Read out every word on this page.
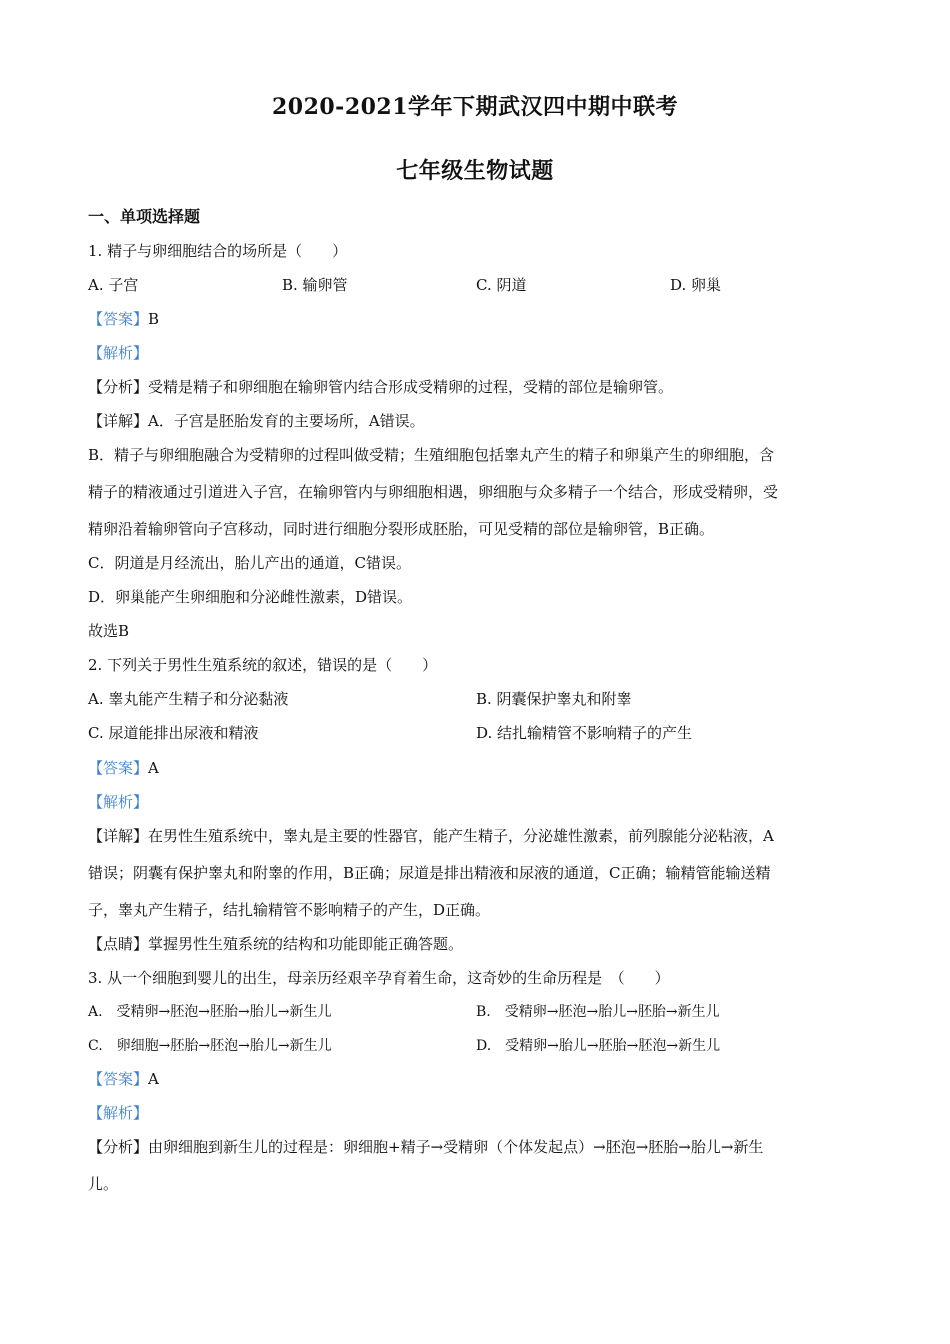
2020-2021学年下期武汉四中期中联考
七年级生物试题
一、单项选择题
1. 精子与卵细胞结合的场所是（　　）
A. 子宫	B. 输卵管	C. 阴道	D. 卵巢
【答案】B
【解析】
【分析】受精是精子和卵细胞在输卵管内结合形成受精卵的过程，受精的部位是输卵管。
【详解】A．子宫是胚胎发育的主要场所，A错误。
B．精子与卵细胞融合为受精卵的过程叫做受精；生殖细胞包括睾丸产生的精子和卵巢产生的卵细胞，含
精子的精液通过引道进入子宫，在输卵管内与卵细胞相遇，卵细胞与众多精子一个结合，形成受精卵，受
精卵沿着输卵管向子宫移动，同时进行细胞分裂形成胚胎，可见受精的部位是输卵管，B正确。
C．阴道是月经流出，胎儿产出的通道，C错误。
D．卵巢能产生卵细胞和分泌雌性激素，D错误。
故选B
2. 下列关于男性生殖系统的叙述，错误的是（　　）
A. 睾丸能产生精子和分泌黏液	B. 阴囊保护睾丸和附睾
C. 尿道能排出尿液和精液	D. 结扎输精管不影响精子的产生
【答案】A
【解析】
【详解】在男性生殖系统中，睾丸是主要的性器官，能产生精子，分泌雄性激素，前列腺能分泌粘液，A
错误；阴囊有保护睾丸和附睾的作用，B正确；尿道是排出精液和尿液的通道，C正确；输精管能输送精
子，睾丸产生精子，结扎输精管不影响精子的产生，D正确。
【点睛】掌握男性生殖系统的结构和功能即能正确答题。
3. 从一个细胞到婴儿的出生，母亲历经艰辛孕育着生命，这奇妙的生命历程是　（　　）
A.　受精卵→胚泡→胚胎→胎儿→新生儿	B.　受精卵→胚泡→胎儿→胚胎→新生儿
C.　卵细胞→胚胎→胚泡→胎儿→新生儿	D.　受精卵→胎儿→胚胎→胚泡→新生儿
【答案】A
【解析】
【分析】由卵细胞到新生儿的过程是：卵细胞+精子→受精卵（个体发起点）→胚泡→胚胎→胎儿→新生
儿。
